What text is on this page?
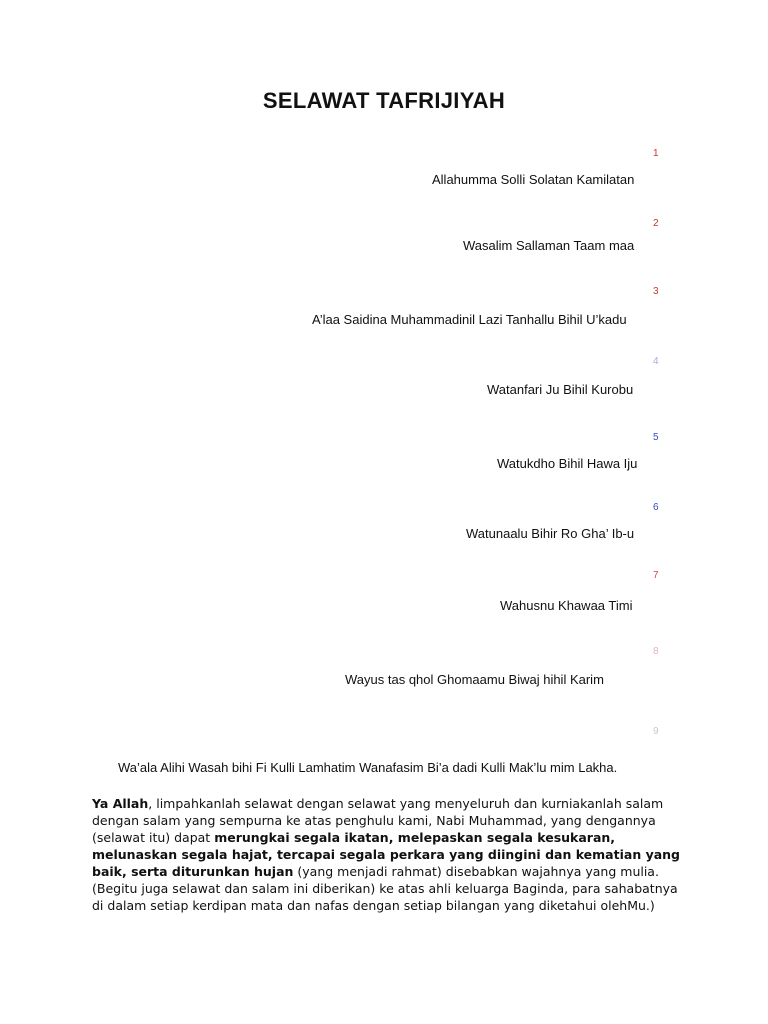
SELAWAT TAFRIJIYAH
1
Allahumma Solli Solatan Kamilatan
2
Wasalim Sallaman Taam maa
3
A’laa Saidina Muhammadinil Lazi Tanhallu Bihil U’kadu
4
Watanfari Ju Bihil Kurobu
5
Watukdho Bihil Hawa Iju
6
Watunaalu Bihir Ro Gha’ Ib-u
7
Wahusnu Khawaa Timi
8
Wayus tas qhol Ghomaamu Biwaj hihil Karim
9
Wa’ala Alihi Wasah bihi Fi Kulli Lamhatim Wanafasim Bi’a dadi Kulli Mak’lu mim Lakha.

Ya Allah, limpahkanlah selawat dengan selawat yang menyeluruh dan kurniakanlah salam dengan salam yang sempurna ke atas penghulu kami, Nabi Muhammad, yang dengannya (selawat itu) dapat merungkai segala ikatan, melepaskan segala kesukaran, melunaskan segala hajat, tercapai segala perkara yang diingini dan kematian yang baik, serta diturunkan hujan (yang menjadi rahmat) disebabkan wajahnya yang mulia. (Begitu juga selawat dan salam ini diberikan) ke atas ahli keluarga Baginda, para sahabatnya di dalam setiap kerdipan mata dan nafas dengan setiap bilangan yang diketahui olehMu.)
